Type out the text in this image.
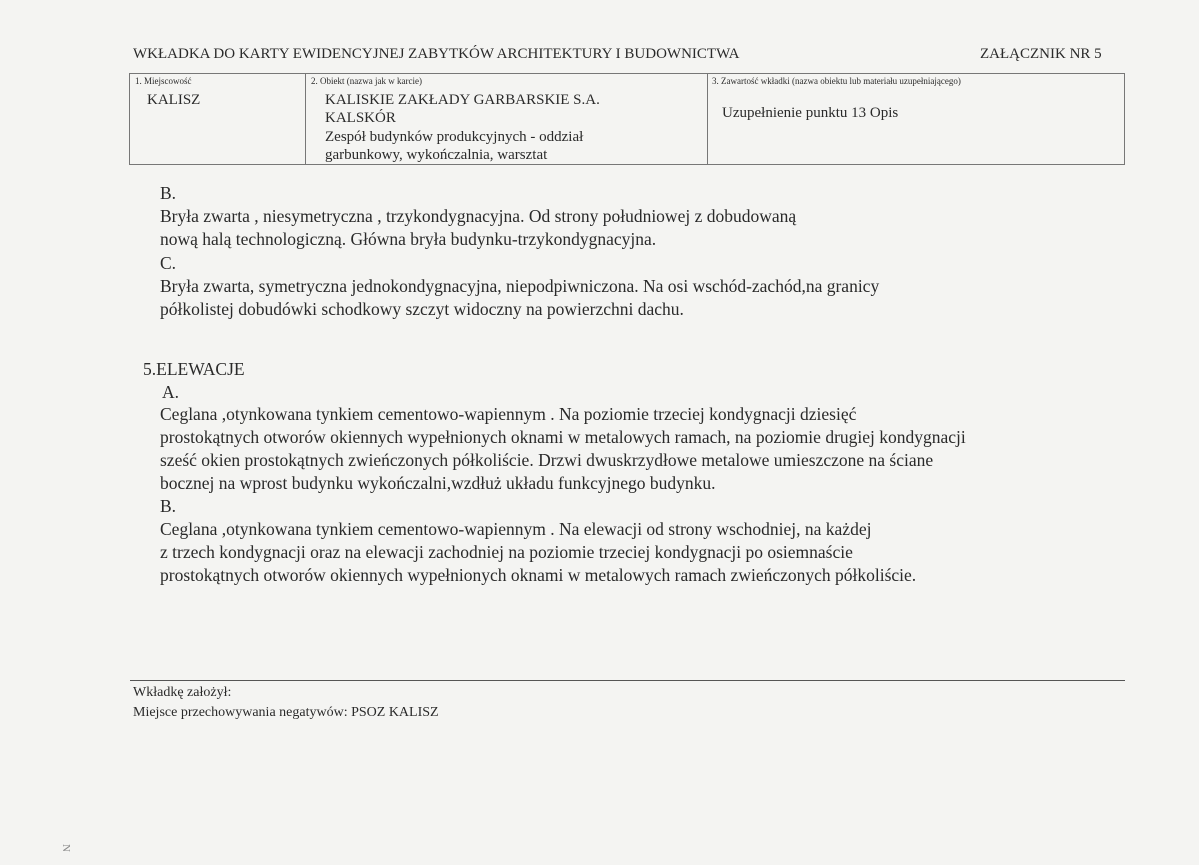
WKŁADKA DO KARTY EWIDENCYJNEJ ZABYTKÓW ARCHITEKTURY I BUDOWNICTWA	ZAŁĄCZNIK NR 5
1. Miejscowość
KALISZ
2. Obiekt (nazwa jak w karcie)
KALISKIE ZAKŁADY GARBARSKIE S.A.
KALSKÓR
Zespół budynków produkcyjnych - oddział
garbunkowy, wykończalnia, warsztat
3. Zawartość wkładki (nazwa obiektu lub materiału uzupełniającego)
Uzupełnienie punktu 13 Opis
B.
Bryła zwarta , niesymetryczna , trzykondygnacyjna. Od strony południowej z dobudowaną
nową halą technologiczną. Główna bryła budynku-trzykondygnacyjna.
C.
Bryła zwarta, symetryczna jednokondygnacyjna, niepodpiwniczona. Na osi wschód-zachód,na granicy
półkolistej dobudówki schodkowy szczyt widoczny na powierzchni dachu.
5.ELEWACJE
A.
Ceglana ,otynkowana tynkiem cementowo-wapiennym . Na poziomie trzeciej kondygnacji dziesięć
prostokątnych otworów okiennych wypełnionych oknami w metalowych ramach, na poziomie drugiej kondygnacji
sześć okien prostokątnych zwieńczonych półkoliście. Drzwi dwuskrzydłowe metalowe umieszczone na ściane
bocznej na wprost budynku wykończalni,wzdłuż układu funkcyjnego budynku.
B.
Ceglana ,otynkowana tynkiem cementowo-wapiennym . Na elewacji od strony wschodniej, na każdej
z trzech kondygnacji oraz na elewacji zachodniej na poziomie trzeciej kondygnacji po osiemnaście
prostokątnych otworów okiennych wypełnionych oknami w metalowych ramach zwieńczonych półkoliście.
Wkładkę założył:
Miejsce przechowywania negatywów: PSOZ KALISZ
N
